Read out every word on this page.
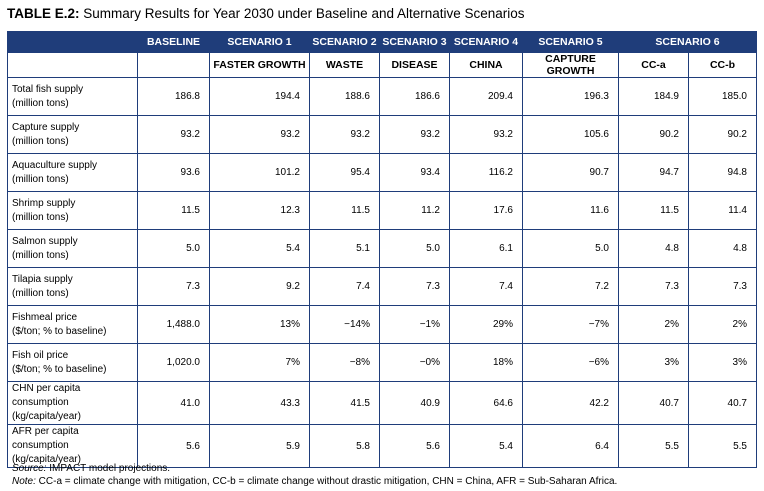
TABLE E.2: Summary Results for Year 2030 under Baseline and Alternative Scenarios
	BASELINE	SCENARIO 1	SCENARIO 2	SCENARIO 3	SCENARIO 4	SCENARIO 5	SCENARIO 6	
		FASTER GROWTH	WASTE	DISEASE	CHINA	CAPTURE GROWTH	CC-a	CC-b

Total fish supply
(million tons)	186.8	194.4	188.6	186.6	209.4	196.3	184.9	185.0

Capture supply
(million tons)	93.2	93.2	93.2	93.2	93.2	105.6	90.2	90.2

Aquaculture supply
(million tons)	93.6	101.2	95.4	93.4	116.2	90.7	94.7	94.8

Shrimp supply
(million tons)	11.5	12.3	11.5	11.2	17.6	11.6	11.5	11.4

Salmon supply
(million tons)	5.0	5.4	5.1	5.0	6.1	5.0	4.8	4.8

Tilapia supply
(million tons)	7.3	9.2	7.4	7.3	7.4	7.2	7.3	7.3

Fishmeal price
($/ton; % to baseline)	1,488.0	13%	−14%	−1%	29%	−7%	2%	2%

Fish oil price
($/ton; % to baseline)	1,020.0	7%	−8%	−0%	18%	−6%	3%	3%

CHN per capita consumption
(kg/capita/year)	41.0	43.3	41.5	40.9	64.6	42.2	40.7	40.7

AFR per capita consumption
(kg/capita/year)	5.6	5.9	5.8	5.6	5.4	6.4	5.5	5.5
Source: IMPACT model projections.
Note: CC-a = climate change with mitigation, CC-b = climate change without drastic mitigation, CHN = China, AFR = Sub-Saharan Africa.
